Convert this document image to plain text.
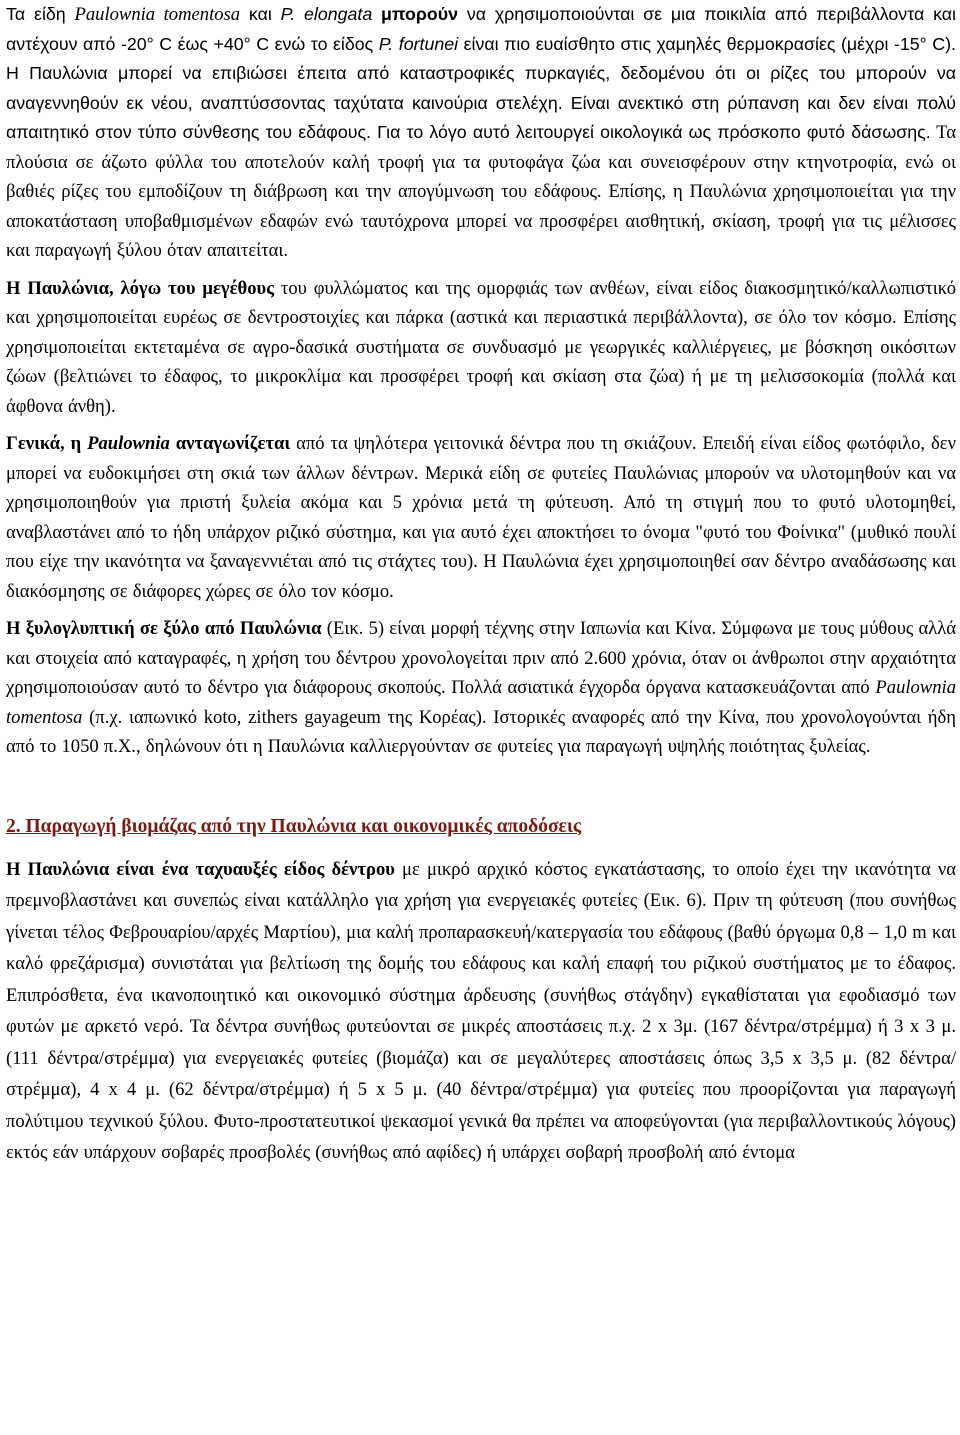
Τα είδη Paulownia tomentosa και P. elongata μπορούν να χρησιμοποιούνται σε μια ποικιλία από περιβάλλοντα και αντέχουν από -20° C έως +40° C ενώ το είδος P. fortunei είναι πιο ευαίσθητο στις χαμηλές θερμοκρασίες (μέχρι -15° C). Η Παυλώνια μπορεί να επιβιώσει έπειτα από καταστροφικές πυρκαγιές, δεδομένου ότι οι ρίζες του μπορούν να αναγεννηθούν εκ νέου, αναπτύσσοντας ταχύτατα καινούρια στελέχη. Είναι ανεκτικό στη ρύπανση και δεν είναι πολύ απαιτητικό στον τύπο σύνθεσης του εδάφους. Για το λόγο αυτό λειτουργεί οικολογικά ως πρόσκοπο φυτό δάσωσης. Τα πλούσια σε άζωτο φύλλα του αποτελούν καλή τροφή για τα φυτοφάγα ζώα και συνεισφέρουν στην κτηνοτροφία, ενώ οι βαθιές ρίζες του εμποδίζουν τη διάβρωση και την απογύμνωση του εδάφους. Επίσης, η Παυλώνια χρησιμοποιείται για την αποκατάσταση υποβαθμισμένων εδαφών ενώ ταυτόχρονα μπορεί να προσφέρει αισθητική, σκίαση, τροφή για τις μέλισσες και παραγωγή ξύλου όταν απαιτείται.

Η Παυλώνια, λόγω του μεγέθους του φυλλώματος και της ομορφιάς των ανθέων, είναι είδος διακοσμητικό/καλλωπιστικό και χρησιμοποιείται ευρέως σε δεντροστοιχίες και πάρκα (αστικά και περιαστικά περιβάλλοντα), σε όλο τον κόσμο. Επίσης χρησιμοποιείται εκτεταμένα σε αγρο-δασικά συστήματα σε συνδυασμό με γεωργικές καλλιέργειες, με βόσκηση οικόσιτων ζώων (βελτιώνει το έδαφος, το μικροκλίμα και προσφέρει τροφή και σκίαση στα ζώα) ή με τη μελισσοκομία (πολλά και άφθονα άνθη).

Γενικά, η Paulownia ανταγωνίζεται από τα ψηλότερα γειτονικά δέντρα που τη σκιάζουν. Επειδή είναι είδος φωτόφιλο, δεν μπορεί να ευδοκιμήσει στη σκιά των άλλων δέντρων. Μερικά είδη σε φυτείες Παυλώνιας μπορούν να υλοτομηθούν και να χρησιμοποιηθούν για πριστή ξυλεία ακόμα και 5 χρόνια μετά τη φύτευση. Από τη στιγμή που το φυτό υλοτομηθεί, αναβλαστάνει από το ήδη υπάρχον ριζικό σύστημα, και για αυτό έχει αποκτήσει το όνομα "φυτό του Φοίνικα" (μυθικό πουλί που είχε την ικανότητα να ξαναγεννιέται από τις στάχτες του). Η Παυλώνια έχει χρησιμοποιηθεί σαν δέντρο αναδάσωσης και διακόσμησης σε διάφορες χώρες σε όλο τον κόσμο.

Η ξυλογλυπτική σε ξύλο από Παυλώνια (Εικ. 5) είναι μορφή τέχνης στην Ιαπωνία και Κίνα. Σύμφωνα με τους μύθους αλλά και στοιχεία από καταγραφές, η χρήση του δέντρου χρονολογείται πριν από 2.600 χρόνια, όταν οι άνθρωποι στην αρχαιότητα χρησιμοποιούσαν αυτό το δέντρο για διάφορους σκοπούς. Πολλά ασιατικά έγχορδα όργανα κατασκευάζονται από Paulownia tomentosa (π.χ. ιαπωνικό koto, zithers gayageum της Κορέας). Ιστορικές αναφορές από την Κίνα, που χρονολογούνται ήδη από το 1050 π.Χ., δηλώνουν ότι η Παυλώνια καλλιεργούνταν σε φυτείες για παραγωγή υψηλής ποιότητας ξυλείας.

2. Παραγωγή βιομάζας από την Παυλώνια και οικονομικές αποδόσεις

Η Παυλώνια είναι ένα ταχυαυξές είδος δέντρου με μικρό αρχικό κόστος εγκατάστασης, το οποίο έχει την ικανότητα να πρεμνοβλαστάνει και συνεπώς είναι κατάλληλο για χρήση για ενεργειακές φυτείες (Εικ. 6). Πριν τη φύτευση (που συνήθως γίνεται τέλος Φεβρουαρίου/αρχές Μαρτίου), μια καλή προπαρασκευή/κατεργασία του εδάφους (βαθύ όργωμα 0,8 – 1,0 m και καλό φρεζάρισμα) συνιστάται για βελτίωση της δομής του εδάφους και καλή επαφή του ριζικού συστήματος με το έδαφος. Επιπρόσθετα, ένα ικανοποιητικό και οικονομικό σύστημα άρδευσης (συνήθως στάγδην) εγκαθίσταται για εφοδιασμό των φυτών με αρκετό νερό. Τα δέντρα συνήθως φυτεύονται σε μικρές αποστάσεις π.χ. 2 x 3μ. (167 δέντρα/στρέμμα) ή 3 x 3 μ. (111 δέντρα/στρέμμα) για ενεργειακές φυτείες (βιομάζα) και σε μεγαλύτερες αποστάσεις όπως 3,5 x 3,5 μ. (82 δέντρα/στρέμμα), 4 x 4 μ. (62 δέντρα/στρέμμα) ή 5 x 5 μ. (40 δέντρα/στρέμμα) για φυτείες που προορίζονται για παραγωγή πολύτιμου τεχνικού ξύλου. Φυτο-προστατευτικοί ψεκασμοί γενικά θα πρέπει να αποφεύγονται (για περιβαλλοντικούς λόγους) εκτός εάν υπάρχουν σοβαρές προσβολές (συνήθως από αφίδες) ή υπάρχει σοβαρή προσβολή από έντομα
